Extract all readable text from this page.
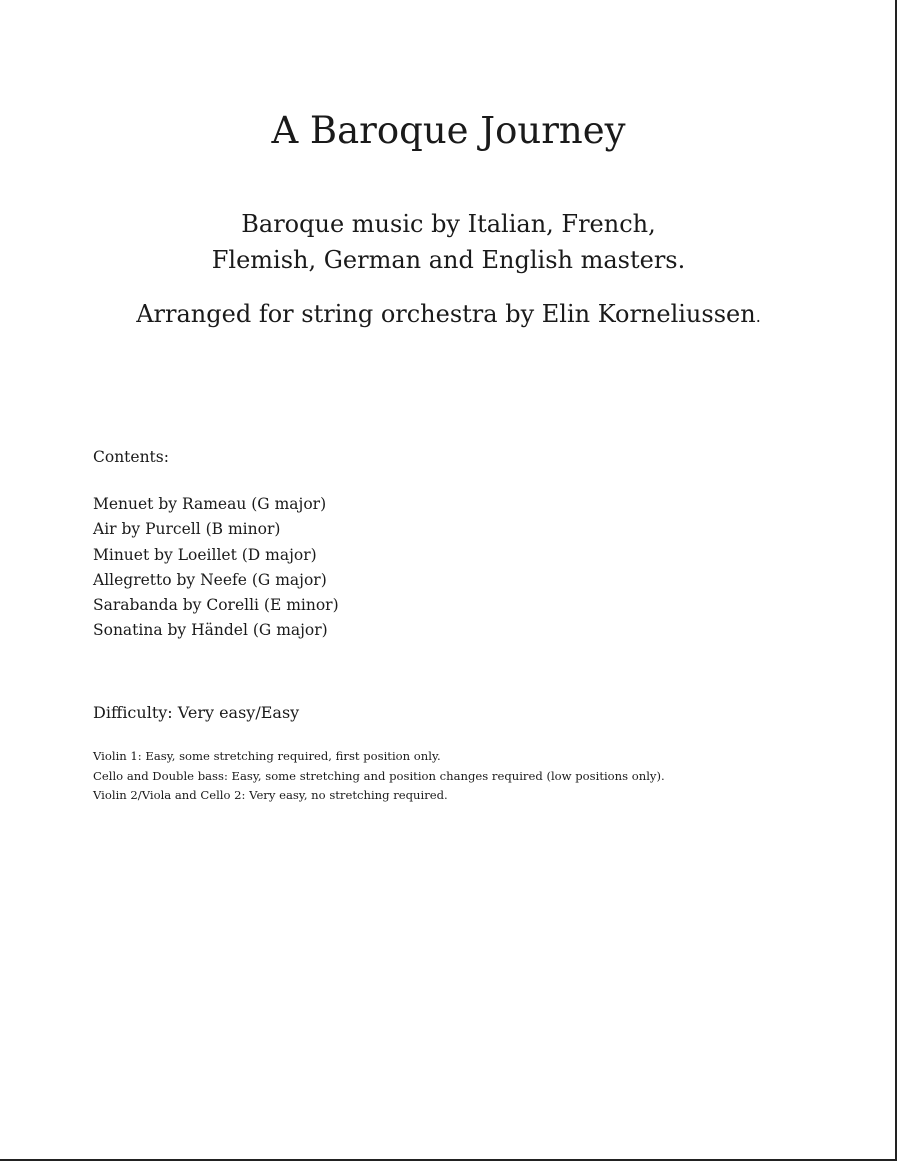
A Baroque Journey

Baroque music by Italian, French,

Flemish, German and English masters.

Arranged for string orchestra by Elin Korneliussen.

Contents:
Menuet by Rameau (G major)
Air by Purcell (B minor)
Minuet by Loeillet (D major)
Allegretto by Neefe (G major)
Sarabanda by Corelli (E minor)
Sonatina by Händel (G major)
Difficulty: Very easy/Easy
Violin 1: Easy, some stretching required, first position only.
Cello and Double bass: Easy, some stretching and position changes required (low positions only).
Violin 2/Viola and Cello 2: Very easy, no stretching required.
